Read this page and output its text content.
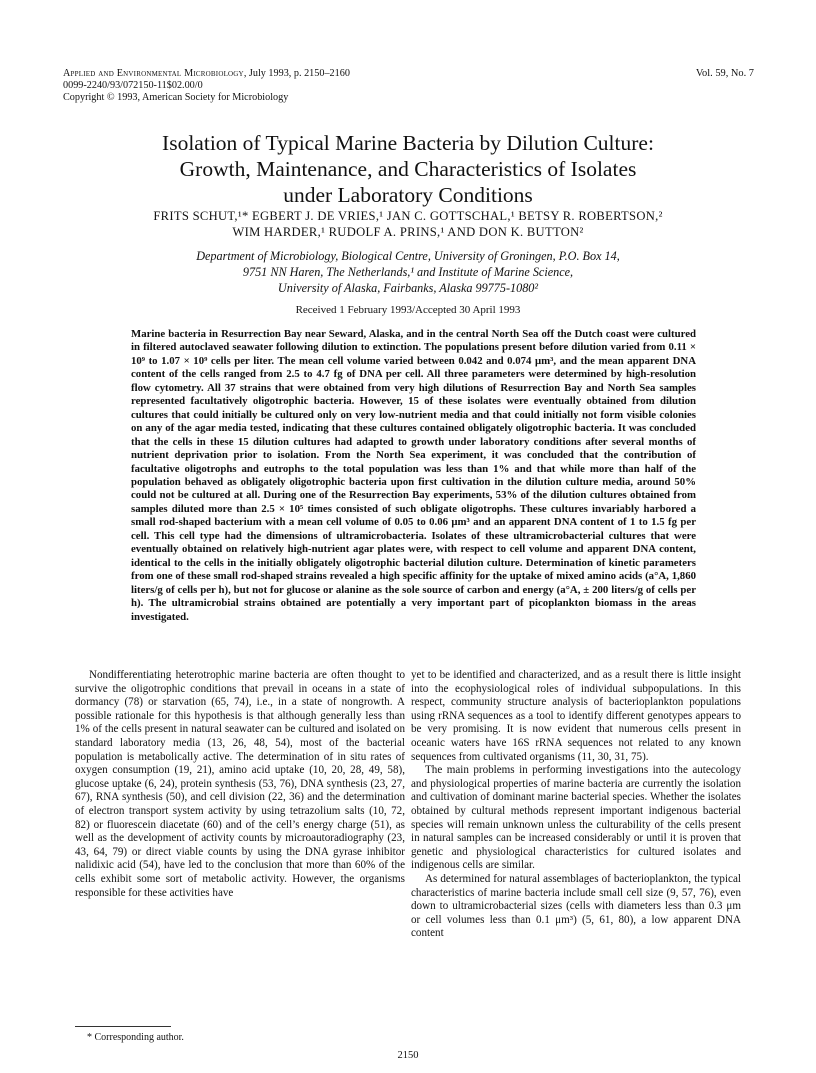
Applied and Environmental Microbiology, July 1993, p. 2150–2160
0099-2240/93/072150-11$02.00/0
Copyright © 1993, American Society for Microbiology
Vol. 59, No. 7
Isolation of Typical Marine Bacteria by Dilution Culture:
Growth, Maintenance, and Characteristics of Isolates
under Laboratory Conditions
FRITS SCHUT,¹* EGBERT J. DE VRIES,¹ JAN C. GOTTSCHAL,¹ BETSY R. ROBERTSON,²
WIM HARDER,¹ RUDOLF A. PRINS,¹ AND DON K. BUTTON²
Department of Microbiology, Biological Centre, University of Groningen, P.O. Box 14,
9751 NN Haren, The Netherlands,¹ and Institute of Marine Science,
University of Alaska, Fairbanks, Alaska 99775-1080²
Received 1 February 1993/Accepted 30 April 1993
Marine bacteria in Resurrection Bay near Seward, Alaska, and in the central North Sea off the Dutch coast were cultured in filtered autoclaved seawater following dilution to extinction. The populations present before dilution varied from 0.11 × 10⁹ to 1.07 × 10⁹ cells per liter. The mean cell volume varied between 0.042 and 0.074 μm³, and the mean apparent DNA content of the cells ranged from 2.5 to 4.7 fg of DNA per cell. All three parameters were determined by high-resolution flow cytometry. All 37 strains that were obtained from very high dilutions of Resurrection Bay and North Sea samples represented facultatively oligotrophic bacteria. However, 15 of these isolates were eventually obtained from dilution cultures that could initially be cultured only on very low-nutrient media and that could initially not form visible colonies on any of the agar media tested, indicating that these cultures contained obligately oligotrophic bacteria. It was concluded that the cells in these 15 dilution cultures had adapted to growth under laboratory conditions after several months of nutrient deprivation prior to isolation. From the North Sea experiment, it was concluded that the contribution of facultative oligotrophs and eutrophs to the total population was less than 1% and that while more than half of the population behaved as obligately oligotrophic bacteria upon first cultivation in the dilution culture media, around 50% could not be cultured at all. During one of the Resurrection Bay experiments, 53% of the dilution cultures obtained from samples diluted more than 2.5 × 10⁵ times consisted of such obligate oligotrophs. These cultures invariably harbored a small rod-shaped bacterium with a mean cell volume of 0.05 to 0.06 μm³ and an apparent DNA content of 1 to 1.5 fg per cell. This cell type had the dimensions of ultramicrobacteria. Isolates of these ultramicrobacterial cultures that were eventually obtained on relatively high-nutrient agar plates were, with respect to cell volume and apparent DNA content, identical to the cells in the initially obligately oligotrophic bacterial dilution culture. Determination of kinetic parameters from one of these small rod-shaped strains revealed a high specific affinity for the uptake of mixed amino acids (a°A, 1,860 liters/g of cells per h), but not for glucose or alanine as the sole source of carbon and energy (a°A, ± 200 liters/g of cells per h). The ultramicrobial strains obtained are potentially a very important part of picoplankton biomass in the areas investigated.

Nondifferentiating heterotrophic marine bacteria are often thought to survive the oligotrophic conditions that prevail in oceans in a state of dormancy (78) or starvation (65, 74), i.e., in a state of nongrowth. A possible rationale for this hypothesis is that although generally less than 1% of the cells present in natural seawater can be cultured and isolated on standard laboratory media (13, 26, 48, 54), most of the bacterial population is metabolically active. The determination of in situ rates of oxygen consumption (19, 21), amino acid uptake (10, 20, 28, 49, 58), glucose uptake (6, 24), protein synthesis (53, 76), DNA synthesis (23, 27, 67), RNA synthesis (50), and cell division (22, 36) and the determination of electron transport system activity by using tetrazolium salts (10, 72, 82) or fluorescein diacetate (60) and of the cell’s energy charge (51), as well as the development of activity counts by microautoradiography (23, 43, 64, 79) or direct viable counts by using the DNA gyrase inhibitor nalidixic acid (54), have led to the conclusion that more than 60% of the cells exhibit some sort of metabolic activity. However, the organisms responsible for these activities have

yet to be identified and characterized, and as a result there is little insight into the ecophysiological roles of individual subpopulations. In this respect, community structure analysis of bacterioplankton populations using rRNA sequences as a tool to identify different genotypes appears to be very promising. It is now evident that numerous cells present in oceanic waters have 16S rRNA sequences not related to any known sequences from cultivated organisms (11, 30, 31, 75).

The main problems in performing investigations into the autecology and physiological properties of marine bacteria are currently the isolation and cultivation of dominant marine bacterial species. Whether the isolates obtained by cultural methods represent important indigenous bacterial species will remain unknown unless the culturability of the cells present in natural samples can be increased considerably or until it is proven that genetic and physiological characteristics for cultured isolates and indigenous cells are similar.

As determined for natural assemblages of bacterioplankton, the typical characteristics of marine bacteria include small cell size (9, 57, 76), even down to ultramicrobacterial sizes (cells with diameters less than 0.3 μm or cell volumes less than 0.1 μm³) (5, 61, 80), a low apparent DNA content

* Corresponding author.
2150
